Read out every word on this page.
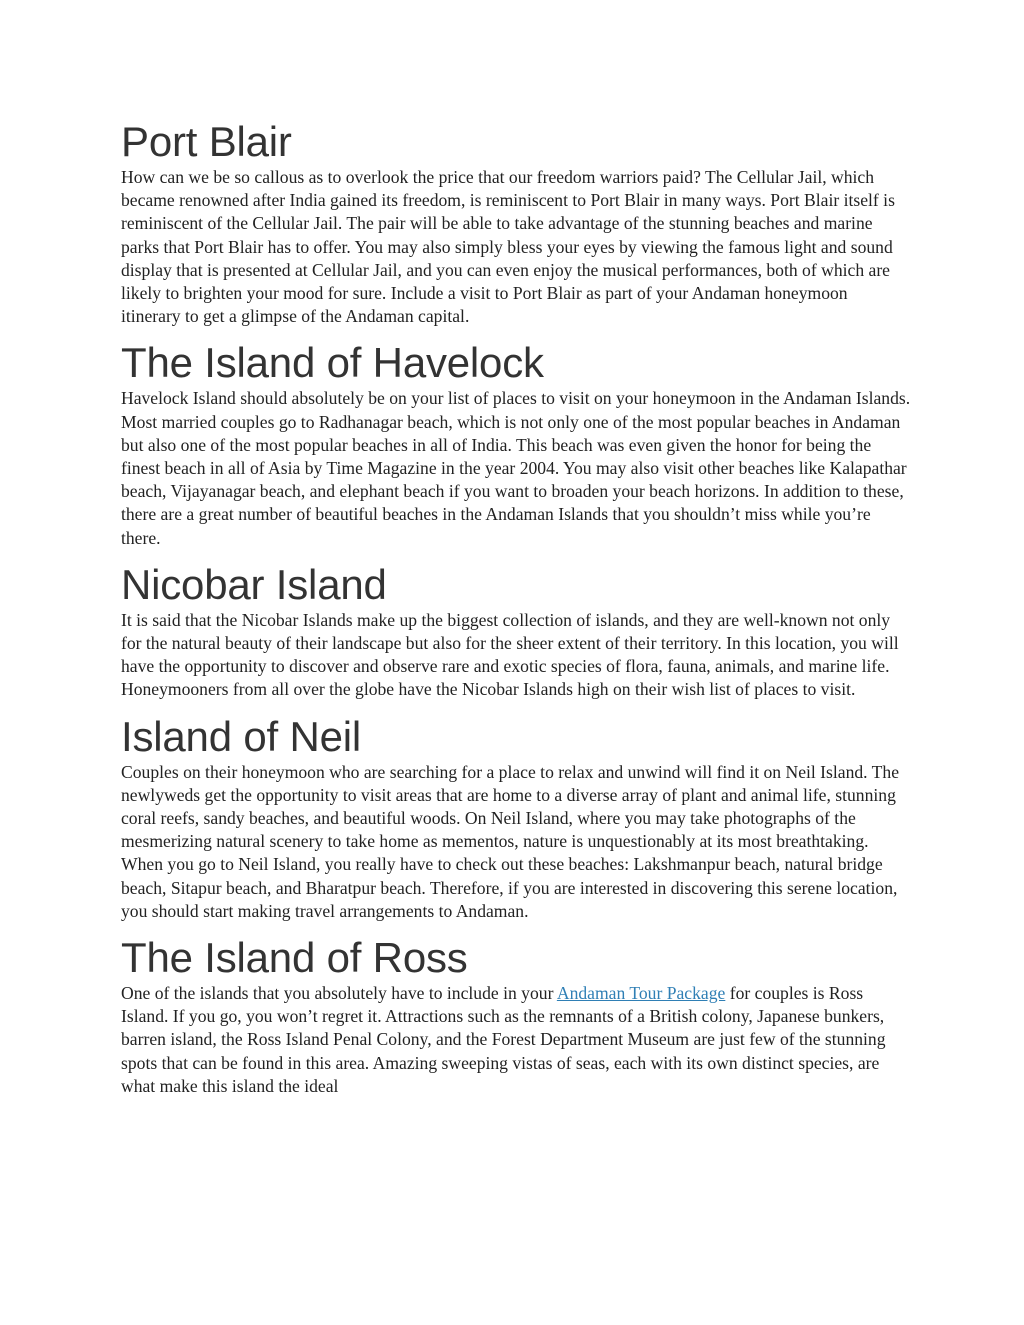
Port Blair

How can we be so callous as to overlook the price that our freedom warriors paid? The Cellular Jail, which became renowned after India gained its freedom, is reminiscent to Port Blair in many ways. Port Blair itself is reminiscent of the Cellular Jail. The pair will be able to take advantage of the stunning beaches and marine parks that Port Blair has to offer. You may also simply bless your eyes by viewing the famous light and sound display that is presented at Cellular Jail, and you can even enjoy the musical performances, both of which are likely to brighten your mood for sure. Include a visit to Port Blair as part of your Andaman honeymoon itinerary to get a glimpse of the Andaman capital.

The Island of Havelock

Havelock Island should absolutely be on your list of places to visit on your honeymoon in the Andaman Islands. Most married couples go to Radhanagar beach, which is not only one of the most popular beaches in Andaman but also one of the most popular beaches in all of India. This beach was even given the honor for being the finest beach in all of Asia by Time Magazine in the year 2004. You may also visit other beaches like Kalapathar beach, Vijayanagar beach, and elephant beach if you want to broaden your beach horizons. In addition to these, there are a great number of beautiful beaches in the Andaman Islands that you shouldn’t miss while you’re there.

Nicobar Island

It is said that the Nicobar Islands make up the biggest collection of islands, and they are well-known not only for the natural beauty of their landscape but also for the sheer extent of their territory. In this location, you will have the opportunity to discover and observe rare and exotic species of flora, fauna, animals, and marine life. Honeymooners from all over the globe have the Nicobar Islands high on their wish list of places to visit.

Island of Neil

Couples on their honeymoon who are searching for a place to relax and unwind will find it on Neil Island. The newlyweds get the opportunity to visit areas that are home to a diverse array of plant and animal life, stunning coral reefs, sandy beaches, and beautiful woods. On Neil Island, where you may take photographs of the mesmerizing natural scenery to take home as mementos, nature is unquestionably at its most breathtaking. When you go to Neil Island, you really have to check out these beaches: Lakshmanpur beach, natural bridge beach, Sitapur beach, and Bharatpur beach. Therefore, if you are interested in discovering this serene location, you should start making travel arrangements to Andaman.

The Island of Ross

One of the islands that you absolutely have to include in your Andaman Tour Package for couples is Ross Island. If you go, you won’t regret it. Attractions such as the remnants of a British colony, Japanese bunkers, barren island, the Ross Island Penal Colony, and the Forest Department Museum are just few of the stunning spots that can be found in this area. Amazing sweeping vistas of seas, each with its own distinct species, are what make this island the ideal
